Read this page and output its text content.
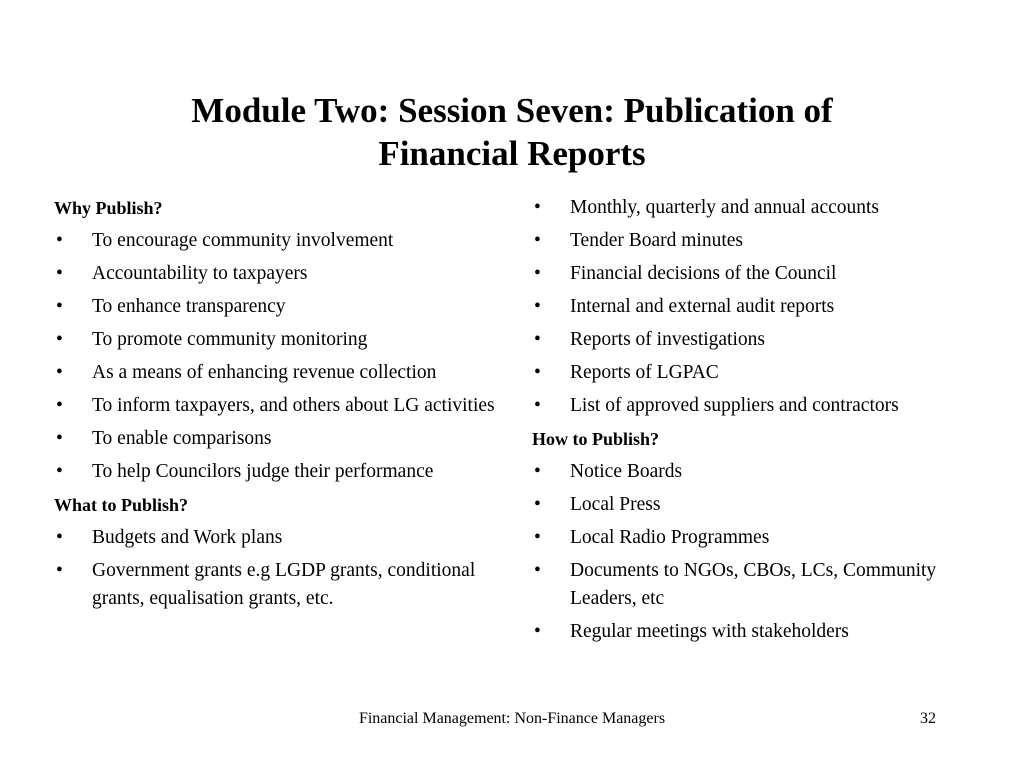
Module Two: Session Seven: Publication of
Financial Reports
Why Publish?
• To encourage community involvement
• Accountability to taxpayers
• To enhance transparency
• To promote community monitoring
• As a means of enhancing revenue collection
• To inform taxpayers, and others about LG activities
• To enable comparisons
• To help Councilors judge their performance
What to Publish?
• Budgets and Work plans
• Government grants e.g LGDP grants, conditional grants, equalisation grants, etc.
• Monthly, quarterly and annual accounts
• Tender Board minutes
• Financial decisions of the Council
• Internal and external audit reports
• Reports of investigations
• Reports of LGPAC
• List of approved suppliers and contractors
How to Publish?
• Notice Boards
• Local Press
• Local Radio Programmes
• Documents to NGOs, CBOs, LCs, Community Leaders, etc
• Regular meetings with stakeholders
Financial Management: Non-Finance Managers	32
